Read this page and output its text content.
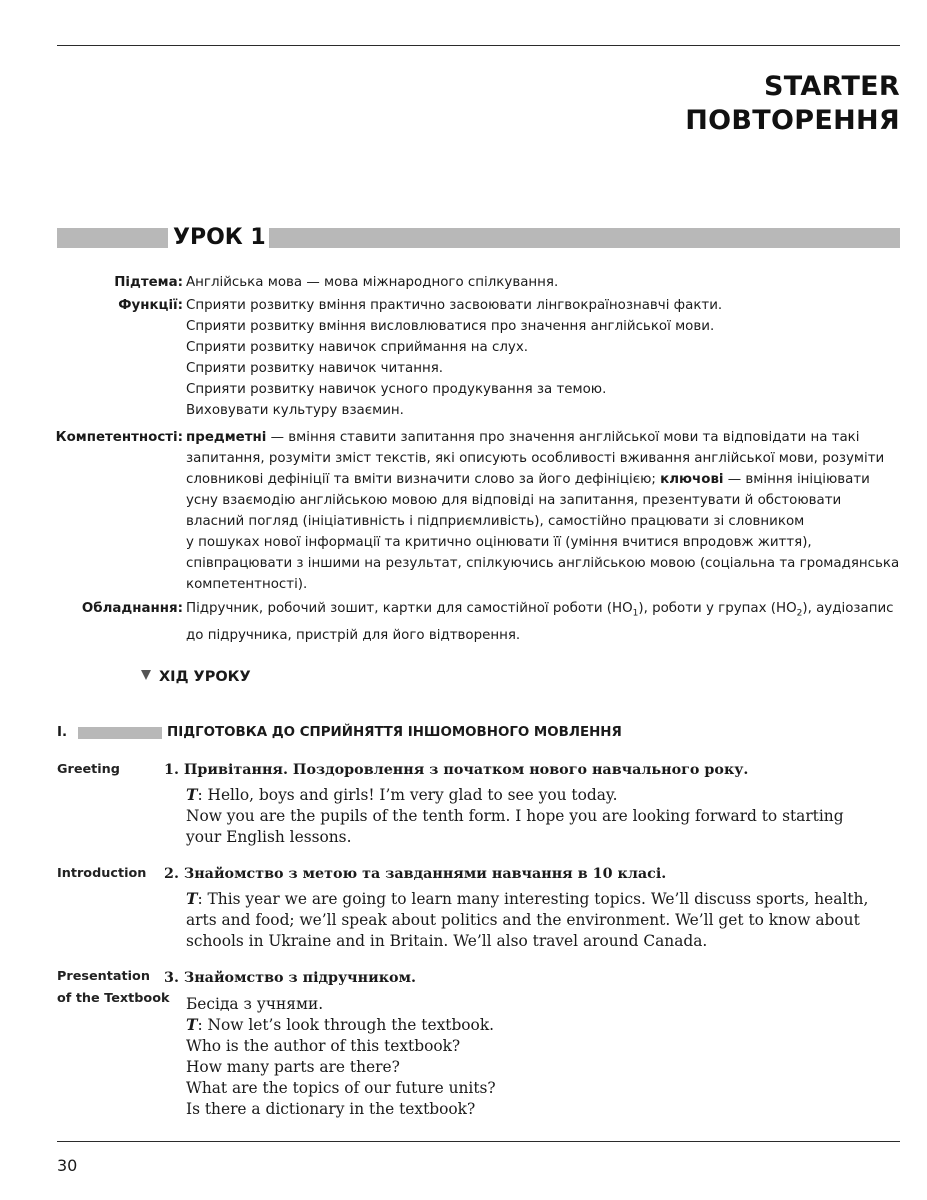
STARTER
ПОВТОРЕННЯ
УРОК 1
Підтема: Англійська мова — мова міжнародного спілкування.
Функції: Сприяти розвитку вміння практично засвоювати лінгвокраїнознавчі факти.
Сприяти розвитку вміння висловлюватися про значення англійської мови.
Сприяти розвитку навичок сприймання на слух.
Сприяти розвитку навичок читання.
Сприяти розвитку навичок усного продукування за темою.
Виховувати культуру взаємин.
Компетентності: предметні — вміння ставити запитання про значення англійської мови та відповідати на такі
запитання, розуміти зміст текстів, які описують особливості вживання англійської мови, розуміти
словникові дефініції та вміти визначити слово за його дефініцією; ключові — вміння ініціювати
усну взаємодію англійською мовою для відповіді на запитання, презентувати й обстоювати
власний погляд (ініціативність і підприємливість), самостійно працювати зі словником
у пошуках нової інформації та критично оцінювати її (уміння вчитися впродовж життя),
співпрацювати з іншими на результат, спілкуючись англійською мовою (соціальна та громадянська
компетентності).
Обладнання: Підручник, робочий зошит, картки для самостійної роботи $(НО_1)$, роботи у групах $(НО_2)$, аудіозапис
до підручника, пристрій для його відтворення.
ХІД УРОКУ
I.	ПІДГОТОВКА ДО СПРИЙНЯТТЯ ІНШОМОВНОГО МОВЛЕННЯ
Greeting	1. Привітання. Поздоровлення з початком нового навчального року.
T: Hello, boys and girls! I’m very glad to see you today.
Now you are the pupils of the tenth form. I hope you are looking forward to starting
your English lessons.
Introduction 2. Знайомство з метою та завданнями навчання в 10 класі.
T: This year we are going to learn many interesting topics. We’ll discuss sports, health,
arts and food; we’ll speak about politics and the environment. We’ll get to know about
schools in Ukraine and in Britain. We’ll also travel around Canada.
Presentation
of the Textbook
3. Знайомство з підручником.
Бесіда з учнями.
T: Now let’s look through the textbook.
Who is the author of this textbook?
How many parts are there?
What are the topics of our future units?
Is there a dictionary in the textbook?
30
